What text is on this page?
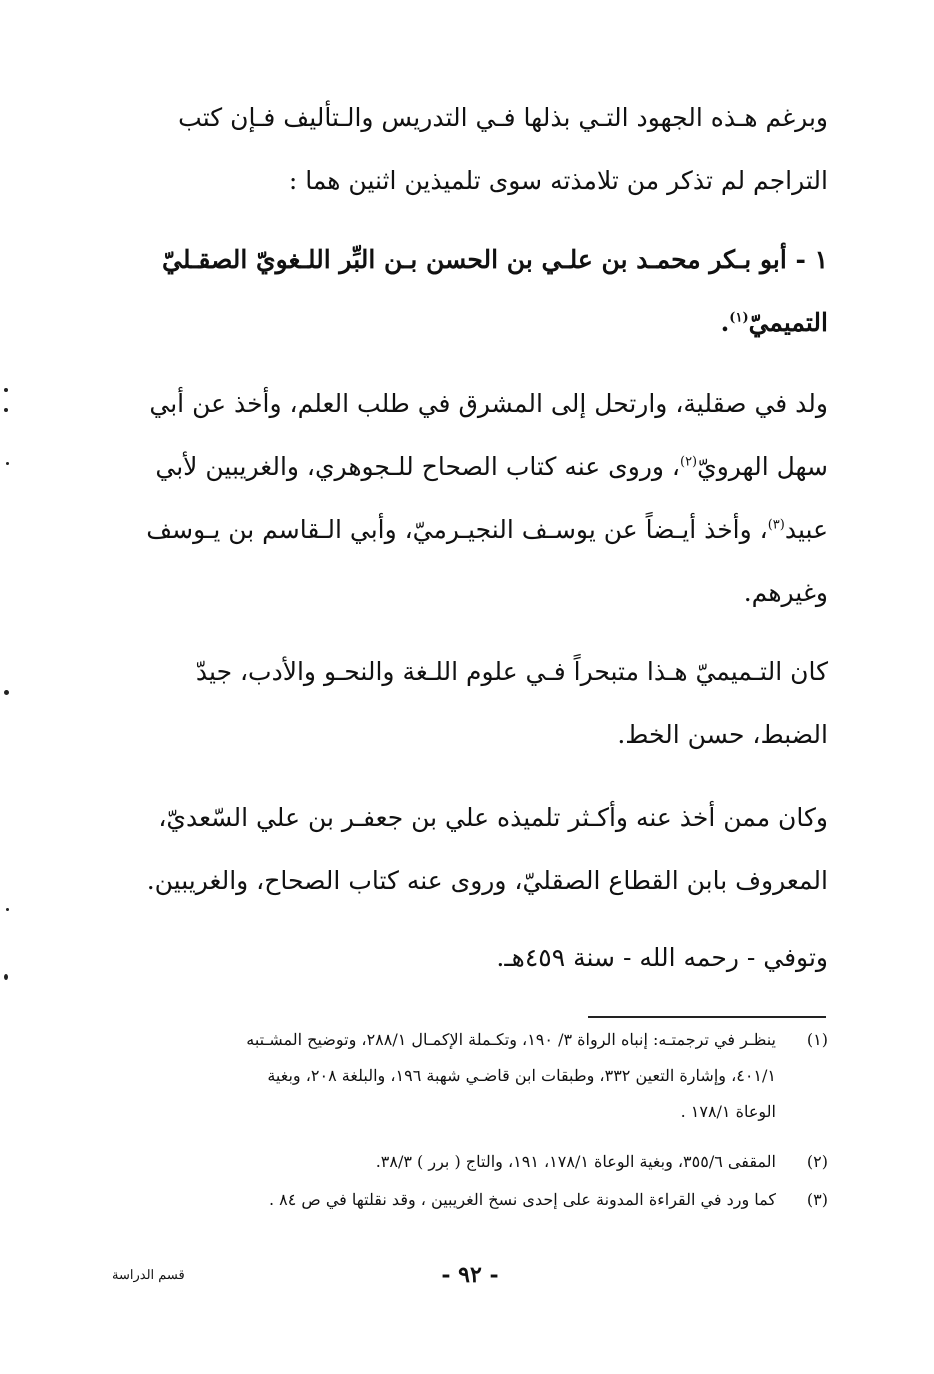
وبرغم هـذه الجهود التـي بذلها فـي التدريس والـتأليف فـإن كتب

التراجم لم تذكر من تلامذته سوى تلميذين اثنين هما :

١ - أبو بـكر محمـد بن علـي بن الحسن بـن البِّر اللـغويّ الصقـليّ

التميميّ$^{(١)}$.

ولد في صقلية، وارتحل إلى المشرق في طلب العلم، وأخذ عن أبي

سهل الهرويّ$^{(٢)}$، وروى عنه كتاب الصحاح للـجوهري، والغريبين لأبي

عبيد$^{(٣)}$، وأخذ أيـضاً عن يوسـف النجيـرميّ، وأبي الـقاسم بن يـوسف

وغيرهم.

كان التـميميّ هـذا متبحراً فـي علوم اللـغة والنحـو والأدب، جيدّ

الضبط، حسن الخط.

وكان ممن أخذ عنه وأكـثر تلميذه علي بن جعفـر بن علي السّعديّ،

المعروف بابن القطاع الصقليّ، وروى عنه كتاب الصحاح، والغريبين.

وتوفي - رحمه الله - سنة ٤٥٩هـ.

(١)
ينظـر في ترجمتـه: إنباه الرواة ٣/ ١٩٠، وتكـملة الإكمـال ٢٨٨/١، وتوضيح المشـتبه
٤٠١/١، وإشارة التعين ٣٣٢، وطبقات ابن قاضـي شهبة ١٩٦، والبلغة ٢٠٨، وبغية
الوعاة ١٧٨/١ .
(٢)
المقفى ٣٥٥/٦، وبغية الوعاة ١٧٨/١، ١٩١، والتاج ( برر ) ٣٨/٣.
(٣)
كما ورد في القراءة المدونة على إحدى نسخ الغريبين ، وقد نقلتها في ص ٨٤ .
- ٩٢ -
قسم الدراسة
